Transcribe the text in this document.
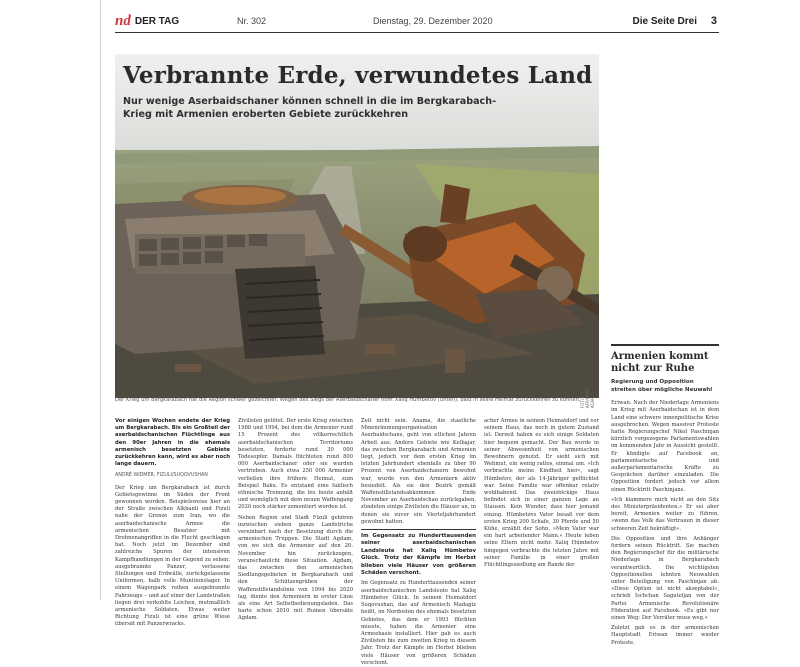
nd DER TAG	Nr. 302	Dienstag, 29. Dezember 2020	Die Seite Drei 3
Verbrannte Erde, verwundetes Land
Nur wenige Aserbaidschaner können schnell in die im Bergkarabach-Krieg mit Armenien eroberten Gebiete zurückkehren
FOTO: AFP/EMRE ACAR
Der Krieg um Bergkarabach hat die Region schwer gezeichnet. Wegen des Siegs der Aserbaidschaner hofft Xaliq Hümbetov (unten), bald in seine Heimat zurückkehren zu können.

Vor einigen Wochen endete der Krieg um Bergkarabach. Bis ein Großteil der aserbaidschanischen Flüchtlinge aus den 90er Jahren in die ehemals armenisch besetzten Gebiete zurückkehren kann, wird es aber noch lange dauern.

ANDRÉ WIDMER, FIZULI/SUQOVUSHAN

Der Krieg um Bergkarabach ist durch Gebietsgewinne im Süden der Front gewonnen worden. Beispielsweise hier an der Straße zwischen Alkhanli und Fizuli nahe der Grenze zum Iran, wo die aserbaidschanische Armee die armenischen Besatzer mit Drohnenangriffen in die Flucht geschlagen hat. Noch jetzt im Dezember sind zahlreiche Spuren der intensiven Kampfhandlungen in der Gegend zu sehen: ausgebrannte Panzer, verlassene Stellungen und Erdwälle, zurückgelassene Uniformen, halb volle Munitionslager. In einem Wagenpark reihen ausgebrannte Fahrzeuge – und auf einer der Landstraßen liegen drei verkohlte Leichen, mutmaßlich armenische Soldaten. Etwas weiter Richtung Fizuli ist eine grüne Wiese übersät mit Panzerwracks.

Zivilisten getötet. Der erste Krieg zwischen 1988 und 1994, bei dem die Armenier rund 15 Prozent des völkerrechtlich aserbaidschanischen Territoriums besetzten, forderte rund 30 000 Todesopfer. Damals flüchteten rund 800 000 Aserbaidschaner oder sie wurden vertrieben. Auch etwa 250 000 Armenier verließen ihre frühere Heimat, zum Beispiel Baku. Es entstand eine faktisch ethnische Trennung, die bis heute anhält und womöglich mit dem neuen Waffengang 2020 noch stärker zementiert worden ist.

Neben Region und Stadt Fizuli gehören inzwischen sieben ganze Landstriche vereinbart nach der Besetzung durch die armenischen Truppen. Die Stadt Agdam, von wo sich die Armenier auf den 20. November hin zurückzogen, veranschaulicht diese Situation. Agdam, das zwischen den armenischen Siedlungsgebieten in Bergkarabach und den Schützengräben der Waffenstillstandslinie von 1994 bis 2020 lag, diente den Armeniern in erster Linie als eine Art Selbstbedienungsladen. Das harte schon 2010 mit Ruinen übersäte Agdam.

Zeit nicht sein. Anama, die staatliche Minenräumungsorganisation Aserbaidschans, geht von etlichen Jahren Arbeit aus. Andere Gebiete wie Kelbajar, das zwischen Bergkarabach und Armenien liegt, jedoch vor dem ersten Krieg im letzten Jahrhundert ebenfalls zu über 90 Prozent von Aserbaidschanern bewohnt war, wurde von den Armeniern aktiv besiedelt. Als sie den Bezirk gemäß Waffenstillstandsabkommen Ende November an Aserbaidschan zurückgaben, zündeten einige Zivilisten die Häuser an, in denen sie zuvor ein Vierteljahrhundert gewohnt hatten.

Im Gegensatz zu Hunderttausenden seiner aserbaidschanischen Landsleute hat Xaliq Hümbetov Glück. Trotz der Kämpfe im Herbst blieben viele Häuser von größeren Schäden verschont.

Im Gegensatz zu Hunderttausenden seiner aserbaidschanischen Landsleute hat Xaliq Hümbetov Glück. In seinem Heimatdorf Suqovushan, das auf Armenisch Madagiz heißt, im Nordosten des ehemals besetzten Gebietes, das dem er 1993 flüchten musste, haben die Armenier eine Armeebasis installiert. Hier gab es auch Zivilisten bis zum zweiten Krieg in diesem Jahr. Trotz der Kämpfe im Herbst blieben viele Häuser von größeren Schäden verschont.

acher Armee in seinem Heimatdorf und vor seinem Haus, das noch in gutem Zustand ist. Derzeit haben es sich einige Soldaten hier bequem gemacht. Der Bau wurde in seiner Abwesenheit von armenischen Bewohnern genutzt. Er sieht sich mit Wehmut, ein wenig ratlos, einmal um. »Ich verbrachte meine Kindheit hier«, sagt Hümbetov, der als 14-Jähriger geflüchtet war. Seine Familie war offenbar relativ wohlhabend. Das zweistöckige Haus befindet sich in einer ganzen Lage an Stausen. Kein Wunder, dass hier jemand einzog. Hümbetovs Vater besaß vor dem ersten Krieg 200 Schafe, 30 Pferde und 50 Kühe, erzählt der Sohn. »Mein Vater war ein hart arbeitender Mann.« Heute leben seine Eltern nicht mehr. Xaliq Hümbetov hingegen verbrachte die letzten Jahre mit seiner Familie in einer großen Flüchtlingssiedlung am Rande der

Armenien kommt nicht zur Ruhe
Regierung und Opposition streiten über mögliche Neuwahl

Eriwan. Nach der Niederlage Armeniens im Krieg mit Aserbaidschan ist in dem Land eine schwere innenpolitische Krise ausgebrochen. Wegen massiver Proteste hatte Regierungschef Nikol Paschinjan kürzlich vorgezogene Parlamentswahlen im kommenden Jahr in Aussicht gestellt. Er kündigte auf Facebook an, parlamentarische und außerparlamentarische Kräfte zu Gesprächen darüber einzuladen. Die Opposition fordert jedoch vor allem einen Rücktritt Paschinjans.

»Ich klammere mich nicht an den Sitz des Ministerpräsidenten.« Er sei aber bereit, Armenien weiter zu führen, »wenn das Volk das Vertrauen in dieser schweren Zeit bekräftigt«.

Die Opposition und ihre Anhänger fordern seinen Rücktritt. Sie machen den Regierungschef für die militärische Niederlage in Bergkarabach verantwortlich. Die wichtigsten Oppositionellen lehnten Neuwahlen unter Beteiligung von Paschinjan ab. »Diese Option ist nicht akzeptabel«, schrieb Ischchan Saguteljan von der Partei Armenische Revolutionäre Föderation auf Facebook. »Es gibt nur einen Weg: Der Verräter muss weg.«

Zuletzt gab es in der armenischen Hauptstadt Eriwan immer wieder Proteste.
